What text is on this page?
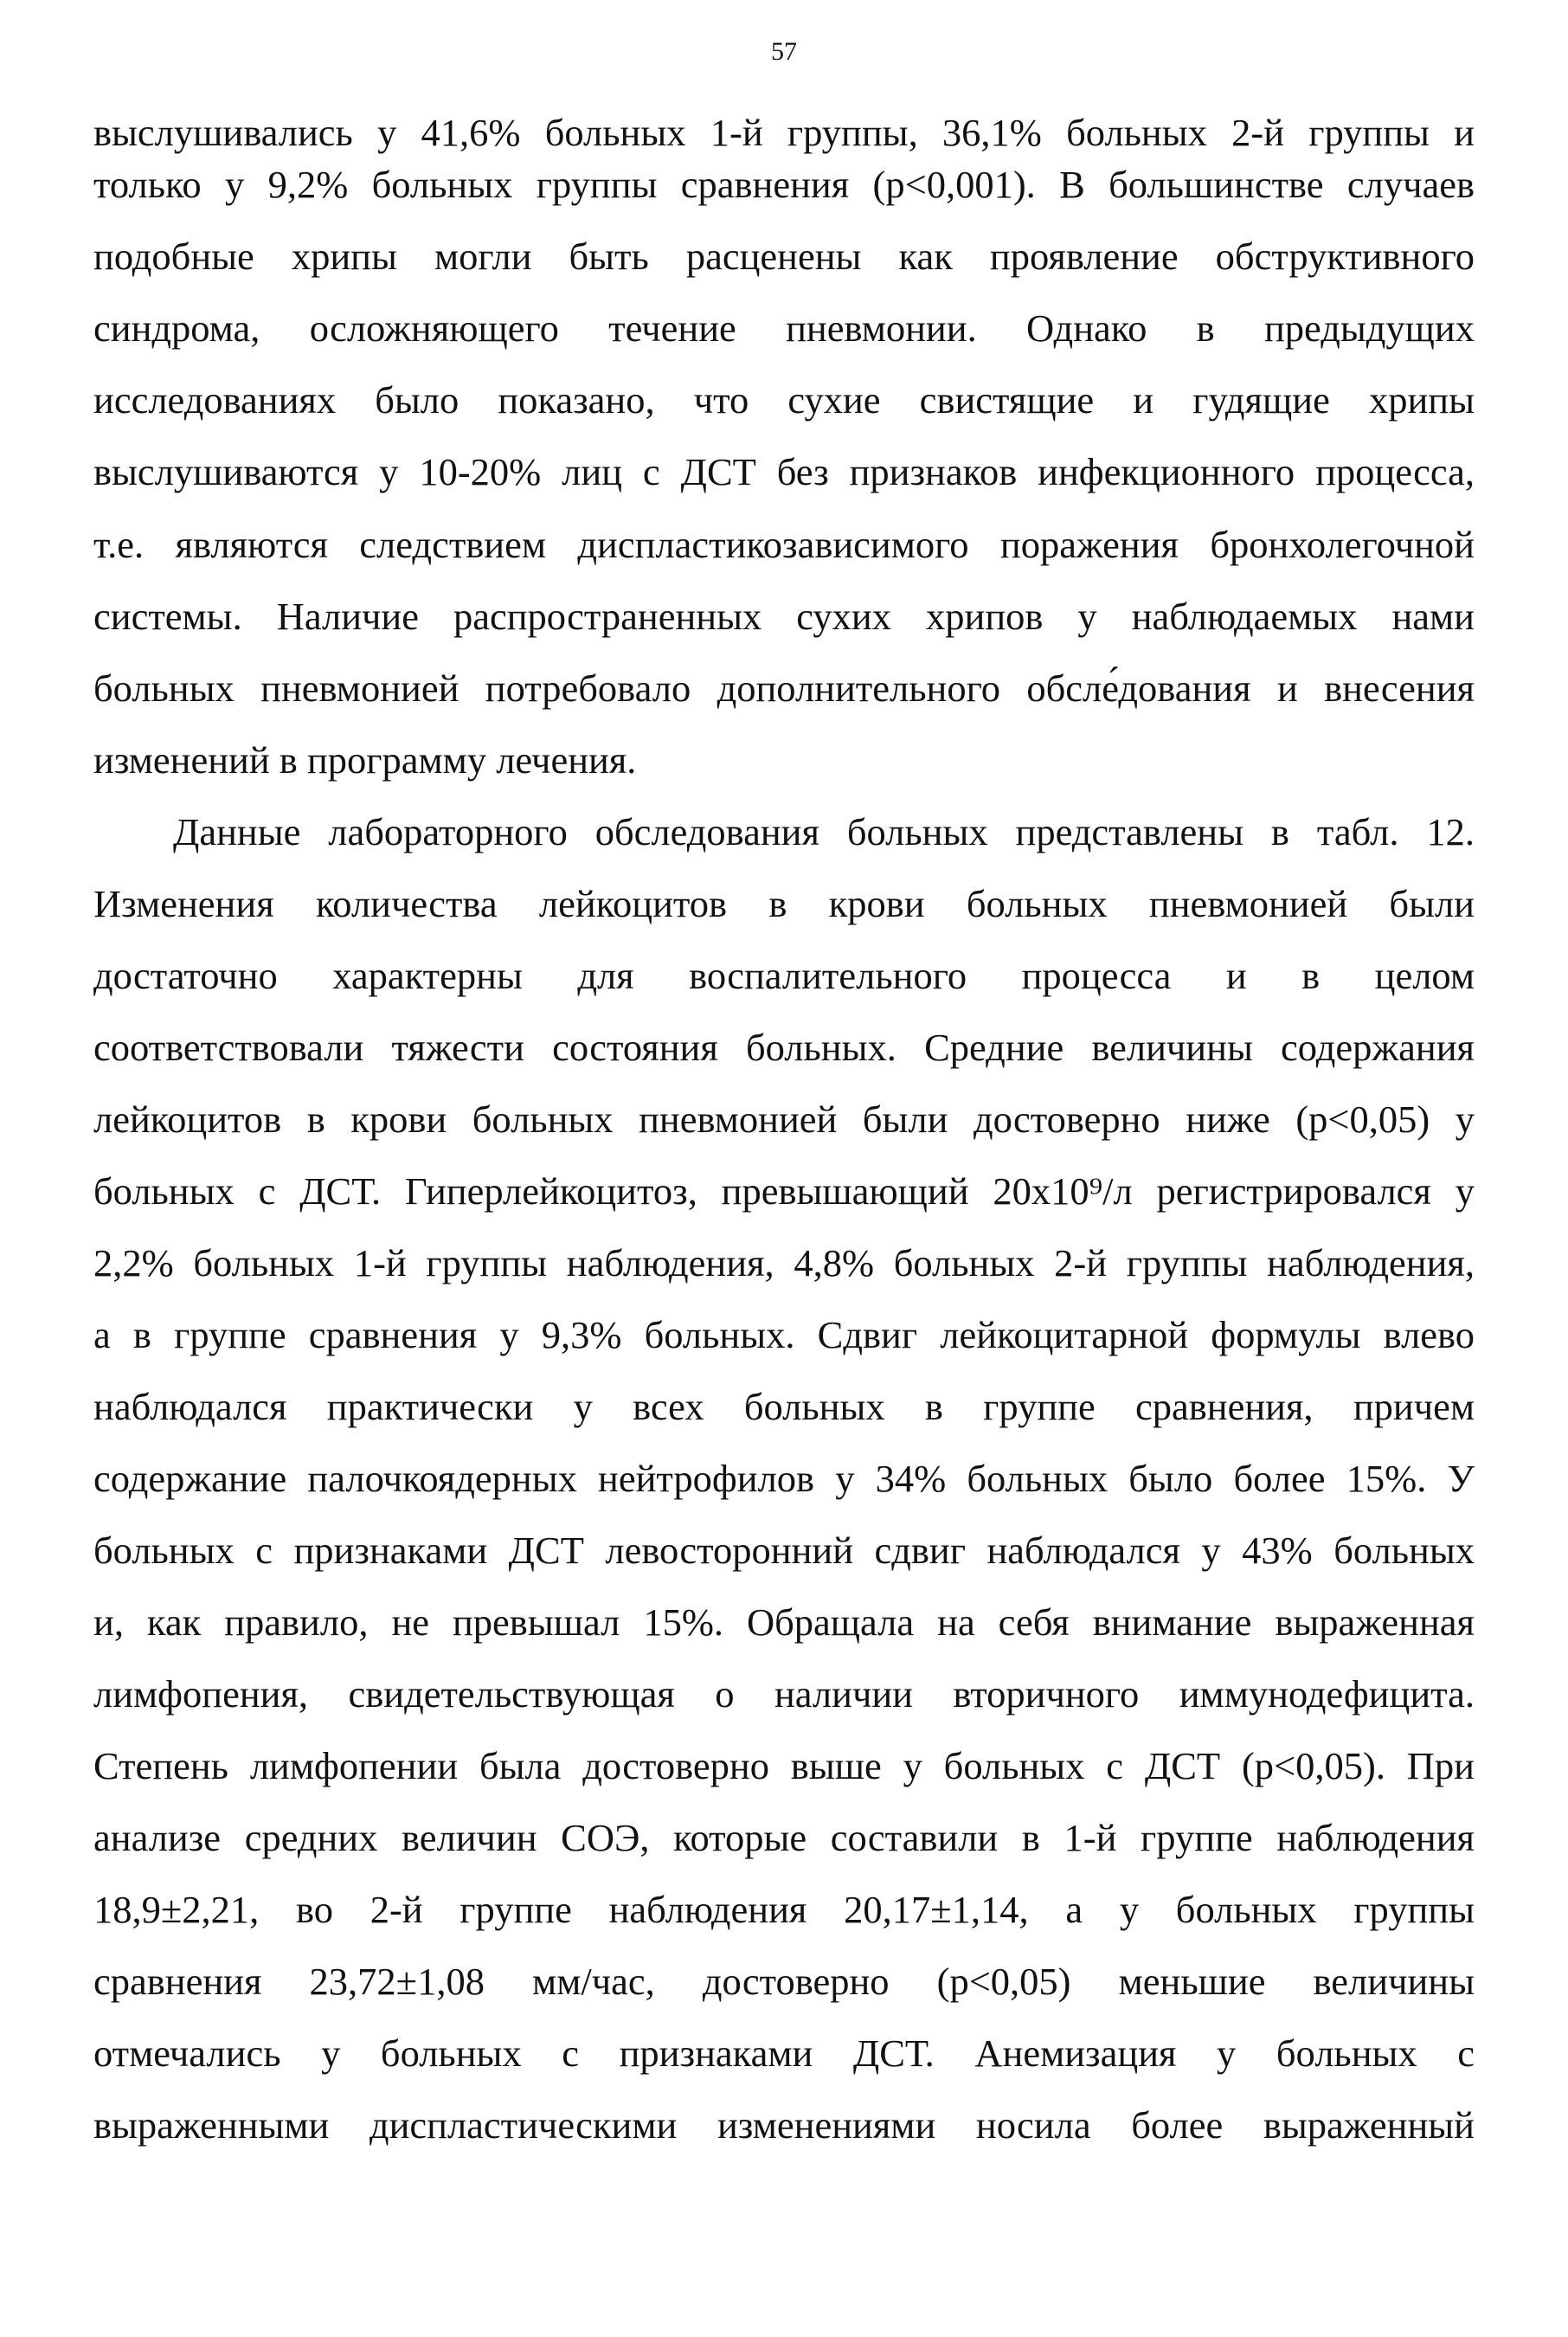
57
выслушивались у 41,6% больных 1-й группы, 36,1% больных 2-й группы и
только у 9,2% больных группы сравнения (р<0,001). В большинстве случаев
подобные хрипы могли быть расценены как проявление обструктивного
синдрома, осложняющего течение пневмонии. Однако в предыдущих
исследованиях было показано, что сухие свистящие и гудящие хрипы
выслушиваются у 10-20% лиц с ДСТ без признаков инфекционного процесса,
т.е. являются следствием диспластикозависимого поражения бронхолегочной
системы. Наличие распространенных сухих хрипов у наблюдаемых нами
больных пневмонией потребовало дополнительного обсле́дования и внесения
изменений в программу лечения.
Данные лабораторного обследования больных представлены в табл. 12.
Изменения количества лейкоцитов в крови больных пневмонией были
достаточно характерны для воспалительного процесса и в целом
соответствовали тяжести состояния больных. Средние величины содержания
лейкоцитов в крови больных пневмонией были достоверно ниже (р<0,05) у
больных с ДСТ. Гиперлейкоцитоз, превышающий 20х10⁹/л регистрировался у
2,2% больных 1-й группы наблюдения, 4,8% больных 2-й группы наблюдения,
а в группе сравнения у 9,3% больных. Сдвиг лейкоцитарной формулы влево
наблюдался практически у всех больных в группе сравнения, причем
содержание палочкоядерных нейтрофилов у 34% больных было более 15%. У
больных с признаками ДСТ левосторонний сдвиг наблюдался у 43% больных
и, как правило, не превышал 15%. Обращала на себя внимание выраженная
лимфопения, свидетельствующая о наличии вторичного иммунодефицита.
Степень лимфопении была достоверно выше у больных с ДСТ (р<0,05). При
анализе средних величин СОЭ, которые составили в 1-й группе наблюдения
18,9±2,21, во 2-й группе наблюдения 20,17±1,14, а у больных группы
сравнения 23,72±1,08 мм/час, достоверно (р<0,05) меньшие величины
отмечались у больных с признаками ДСТ. Анемизация у больных с
выраженными диспластическими изменениями носила более выраженный
